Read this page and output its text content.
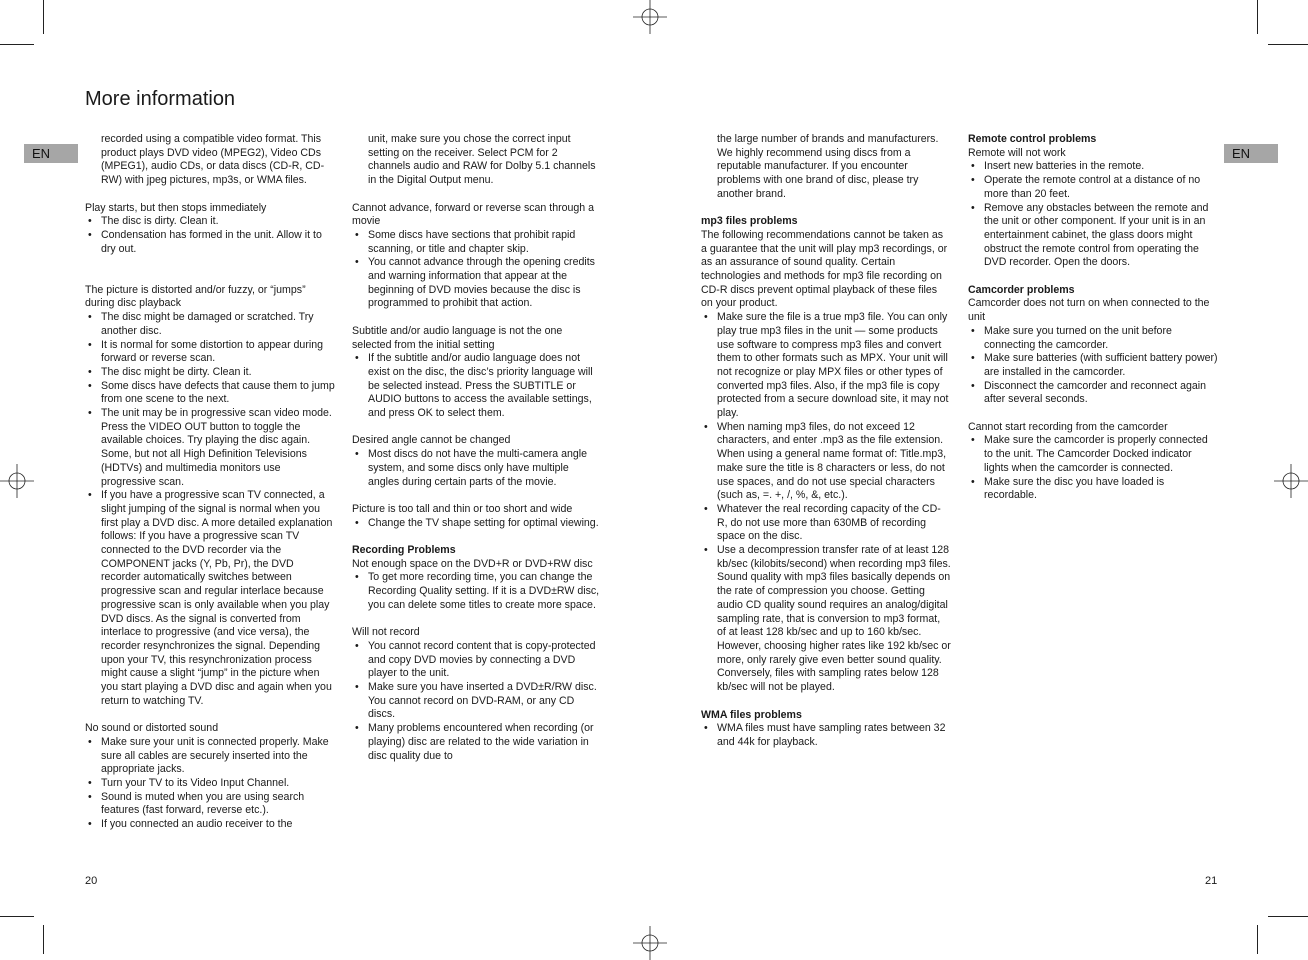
More information
EN	EN
recorded using a compatible video format. This product plays DVD video (MPEG2), Video CDs (MPEG1), audio CDs, or data discs (CD-R, CD-RW) with jpeg pictures, mp3s, or WMA files.

Play starts, but then stops immediately

• The disc is dirty. Clean it.
• Condensation has formed in the unit. Allow it to dry out.

The picture is distorted and/or fuzzy, or “jumps” during disc playback

• The disc might be damaged or scratched. Try another disc.
• It is normal for some distortion to appear during forward or reverse scan.
• The disc might be dirty. Clean it.
• Some discs have defects that cause them to jump from one scene to the next.
• The unit may be in progressive scan video mode. Press the VIDEO OUT button to toggle the available choices. Try playing the disc again. Some, but not all High Definition Televisions (HDTVs) and multimedia monitors use progressive scan.
• If you have a progressive scan TV connected, a slight jumping of the signal is normal when you first play a DVD disc. A more detailed explanation follows: If you have a progressive scan TV connected to the DVD recorder via the COMPONENT jacks (Y, Pb, Pr), the DVD recorder automatically switches between progressive scan and regular interlace because progressive scan is only available when you play DVD discs. As the signal is converted from interlace to progressive (and vice versa), the recorder resynchronizes the signal. Depending upon your TV, this resynchronization process might cause a slight “jump” in the picture when you start playing a DVD disc and again when you return to watching TV.

No sound or distorted sound

• Make sure your unit is connected properly. Make sure all cables are securely inserted into the appropriate jacks.
• Turn your TV to its Video Input Channel.
• Sound is muted when you are using search features (fast forward, reverse etc.).
• If you connected an audio receiver to the
unit, make sure you chose the correct input setting on the receiver. Select PCM for 2 channels audio and RAW for Dolby 5.1 channels in the Digital Output menu.

Cannot advance, forward or reverse scan through a movie

• Some discs have sections that prohibit rapid scanning, or title and chapter skip.
• You cannot advance through the opening credits and warning information that appear at the beginning of DVD movies because the disc is programmed to prohibit that action.

Subtitle and/or audio language is not the one selected from the initial setting

• If the subtitle and/or audio language does not exist on the disc, the disc’s priority language will be selected instead. Press the SUBTITLE or AUDIO buttons to access the available settings, and press OK to select them.

Desired angle cannot be changed

• Most discs do not have the multi-camera angle system, and some discs only have multiple angles during certain parts of the movie.

Picture is too tall and thin or too short and wide

• Change the TV shape setting for optimal viewing.

Recording Problems

Not enough space on the DVD+R or DVD+RW disc

• To get more recording time, you can change the Recording Quality setting. If it is a DVD±RW disc, you can delete some titles to create more space.

Will not record

• You cannot record content that is copy-protected and copy DVD movies by connecting a DVD player to the unit.
• Make sure you have inserted a DVD±R/RW disc. You cannot record on DVD-RAM, or any CD discs.
• Many problems encountered when recording (or playing) disc are related to the wide variation in disc quality due to
the large number of brands and manufacturers. We highly recommend using discs from a reputable manufacturer. If you encounter problems with one brand of disc, please try another brand.

mp3 files problems

The following recommendations cannot be taken as a guarantee that the unit will play mp3 recordings, or as an assurance of sound quality. Certain technologies and methods for mp3 file recording on CD-R discs prevent optimal playback of these files on your product.

• Make sure the file is a true mp3 file. You can only play true mp3 files in the unit — some products use software to compress mp3 files and convert them to other formats such as MPX. Your unit will not recognize or play MPX files or other types of converted mp3 files. Also, if the mp3 file is copy protected from a secure download site, it may not play.
• When naming mp3 files, do not exceed 12 characters, and enter .mp3 as the file extension. When using a general name format of: Title.mp3, make sure the title is 8 characters or less, do not use spaces, and do not use special characters (such as, =. +, /, %, &, etc.).
• Whatever the real recording capacity of the CD-R, do not use more than 630MB of recording space on the disc.
• Use a decompression transfer rate of at least 128 kb/sec (kilobits/second) when recording mp3 files. Sound quality with mp3 files basically depends on the rate of compression you choose. Getting audio CD quality sound requires an analog/digital sampling rate, that is conversion to mp3 format, of at least 128 kb/sec and up to 160 kb/sec. However, choosing higher rates like 192 kb/sec or more, only rarely give even better sound quality. Conversely, files with sampling rates below 128 kb/sec will not be played.

WMA files problems

• WMA files must have sampling rates between 32 and 44k for playback.

Remote control problems

Remote will not work

• Insert new batteries in the remote.
• Operate the remote control at a distance of no more than 20 feet.
• Remove any obstacles between the remote and the unit or other component. If your unit is in an entertainment cabinet, the glass doors might obstruct the remote control from operating the DVD recorder. Open the doors.

Camcorder problems

Camcorder does not turn on when connected to the unit

• Make sure you turned on the unit before connecting the camcorder.
• Make sure batteries (with sufficient battery power) are installed in the camcorder.
• Disconnect the camcorder and reconnect again after several seconds.

Cannot start recording from the camcorder

• Make sure the camcorder is properly connected to the unit. The Camcorder Docked indicator lights when the camcorder is connected.
• Make sure the disc you have loaded is recordable.
20	21
